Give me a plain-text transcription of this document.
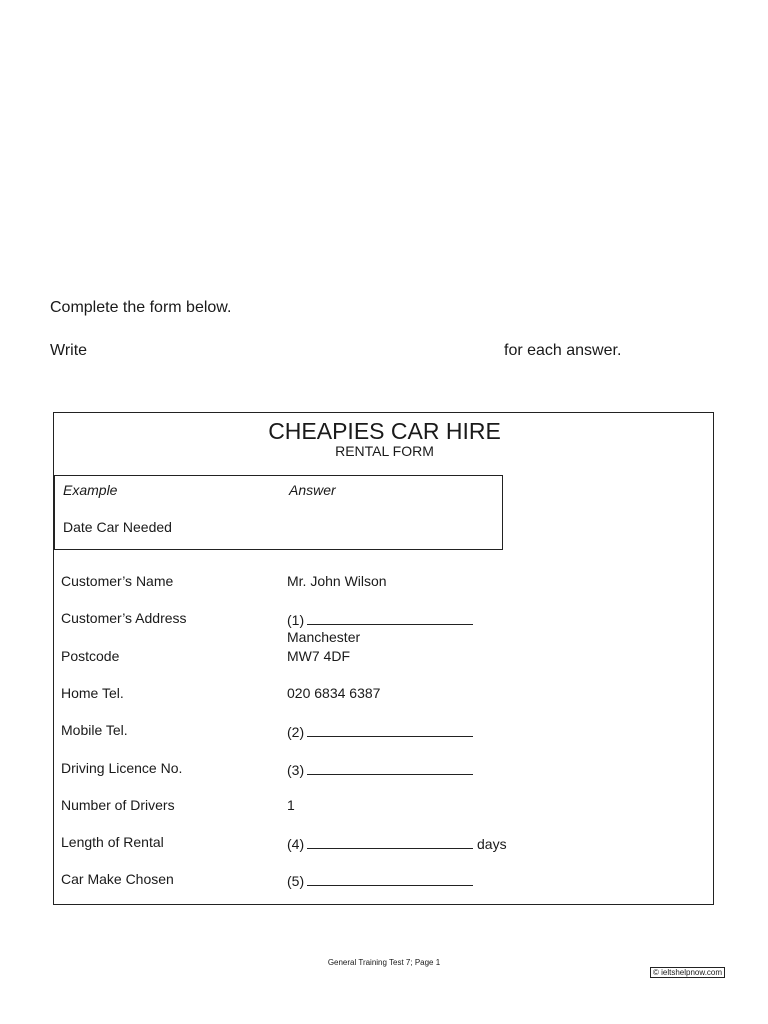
Complete the form below.
Write	for each answer.
CHEAPIES CAR HIRE
RENTAL FORM
Example	Answer
Date Car Needed
Customer’s Name	Mr. John Wilson
Customer’s Address	(1)
Manchester
Postcode	MW7 4DF
Home Tel.	020 6834 6387
Mobile Tel.	(2)
Driving Licence No.	(3)
Number of Drivers	1
Length of Rental	(4)	days
Car Make Chosen	(5)
General Training Test 7; Page 1
© ieltshelpnow.com
